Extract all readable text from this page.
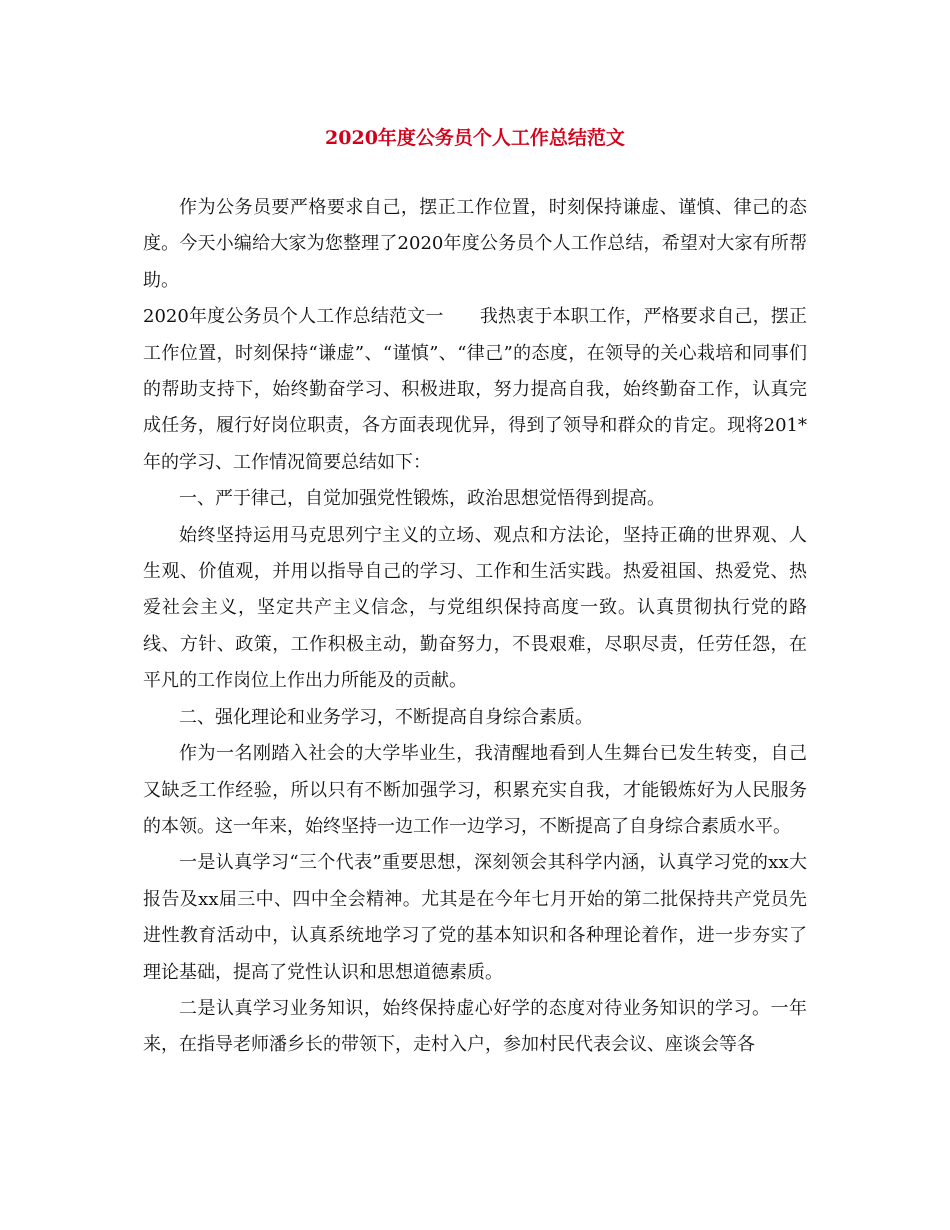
2020年度公务员个人工作总结范文

作为公务员要严格要求自己，摆正工作位置，时刻保持谦虚、谨慎、律己的态度。今天小编给大家为您整理了2020年度公务员个人工作总结，希望对大家有所帮助。

2020年度公务员个人工作总结范文一 我热衷于本职工作，严格要求自己，摆正工作位置，时刻保持“谦虚”、“谨慎”、“律己”的态度，在领导的关心栽培和同事们的帮助支持下，始终勤奋学习、积极进取，努力提高自我，始终勤奋工作，认真完成任务，履行好岗位职责，各方面表现优异，得到了领导和群众的肯定。现将201*年的学习、工作情况简要总结如下：

一、严于律己，自觉加强党性锻炼，政治思想觉悟得到提高。

始终坚持运用马克思列宁主义的立场、观点和方法论，坚持正确的世界观、人生观、价值观，并用以指导自己的学习、工作和生活实践。热爱祖国、热爱党、热爱社会主义，坚定共产主义信念，与党组织保持高度一致。认真贯彻执行党的路线、方针、政策，工作积极主动，勤奋努力，不畏艰难，尽职尽责，任劳任怨，在平凡的工作岗位上作出力所能及的贡献。

二、强化理论和业务学习，不断提高自身综合素质。

作为一名刚踏入社会的大学毕业生，我清醒地看到人生舞台已发生转变，自己又缺乏工作经验，所以只有不断加强学习，积累充实自我，才能锻炼好为人民服务的本领。这一年来，始终坚持一边工作一边学习，不断提高了自身综合素质水平。

一是认真学习“三个代表”重要思想，深刻领会其科学内涵，认真学习党的xx大报告及xx届三中、四中全会精神。尤其是在今年七月开始的第二批保持共产党员先进性教育活动中，认真系统地学习了党的基本知识和各种理论着作，进一步夯实了理论基础，提高了党性认识和思想道德素质。

二是认真学习业务知识，始终保持虚心好学的态度对待业务知识的学习。一年来，在指导老师潘乡长的带领下，走村入户，参加村民代表会议、座谈会等各
